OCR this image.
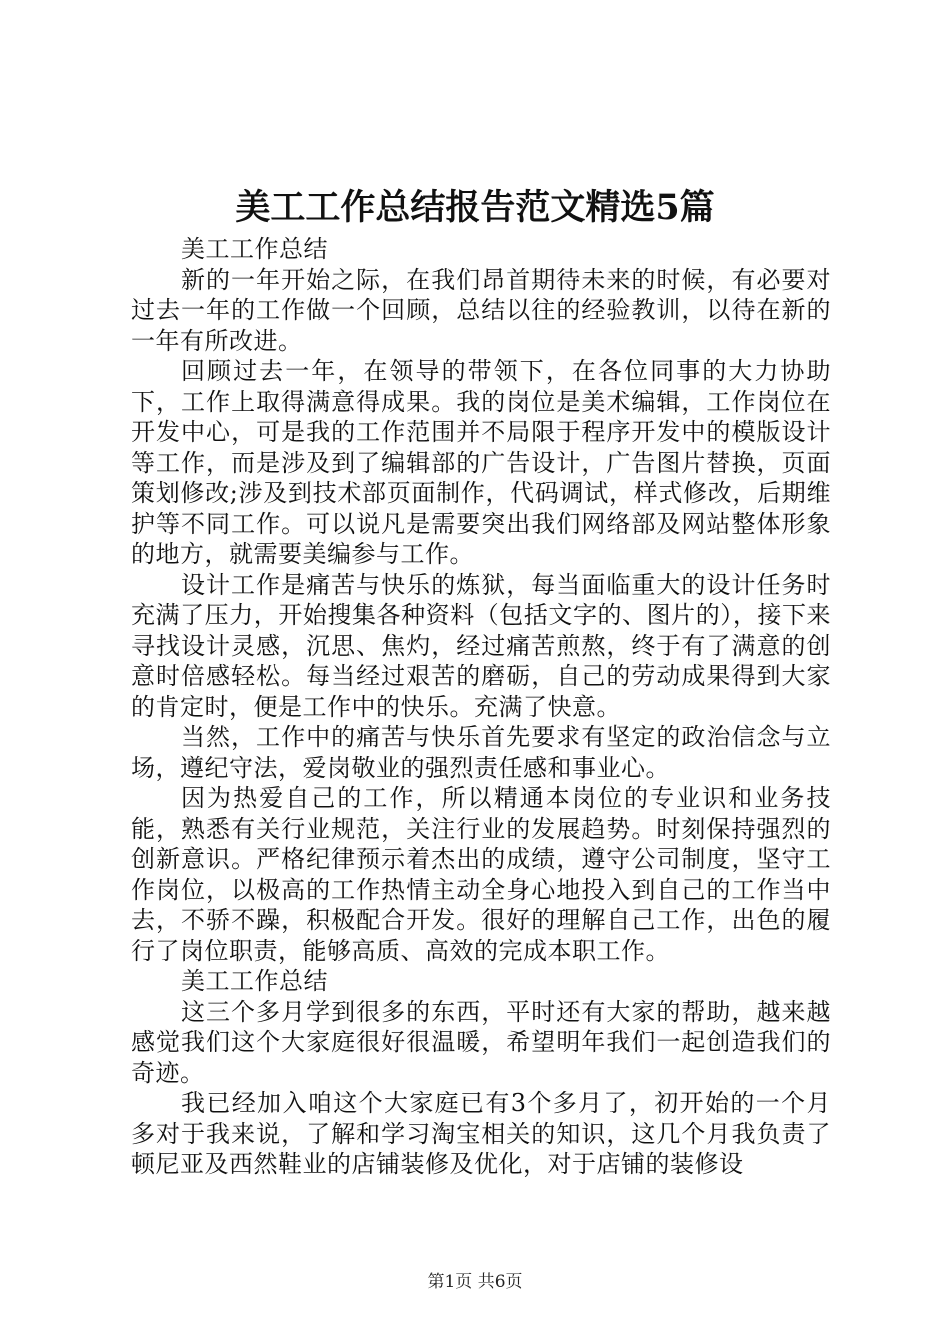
美工工作总结报告范文精选5篇

美工工作总结

新的一年开始之际，在我们昂首期待未来的时候，有必要对过去一年的工作做一个回顾，总结以往的经验教训，以待在新的一年有所改进。

回顾过去一年，在领导的带领下，在各位同事的大力协助下，工作上取得满意得成果。我的岗位是美术编辑，工作岗位在开发中心，可是我的工作范围并不局限于程序开发中的模版设计等工作，而是涉及到了编辑部的广告设计，广告图片替换，页面策划修改;涉及到技术部页面制作，代码调试，样式修改，后期维护等不同工作。可以说凡是需要突出我们网络部及网站整体形象的地方，就需要美编参与工作。

设计工作是痛苦与快乐的炼狱，每当面临重大的设计任务时充满了压力，开始搜集各种资料（包括文字的、图片的），接下来寻找设计灵感，沉思、焦灼，经过痛苦煎熬，终于有了满意的创意时倍感轻松。每当经过艰苦的磨砺，自己的劳动成果得到大家的肯定时，便是工作中的快乐。充满了快意。

当然，工作中的痛苦与快乐首先要求有坚定的政治信念与立场，遵纪守法，爱岗敬业的强烈责任感和事业心。

因为热爱自己的工作，所以精通本岗位的专业识和业务技能，熟悉有关行业规范，关注行业的发展趋势。时刻保持强烈的创新意识。严格纪律预示着杰出的成绩，遵守公司制度，坚守工作岗位，以极高的工作热情主动全身心地投入到自己的工作当中去，不骄不躁，积极配合开发。很好的理解自己工作，出色的履行了岗位职责，能够高质、高效的完成本职工作。

美工工作总结

这三个多月学到很多的东西，平时还有大家的帮助，越来越感觉我们这个大家庭很好很温暖，希望明年我们一起创造我们的奇迹。

我已经加入咱这个大家庭已有3个多月了，初开始的一个月多对于我来说，了解和学习淘宝相关的知识，这几个月我负责了顿尼亚及西然鞋业的店铺装修及优化，对于店铺的装修设

第1页 共6页
